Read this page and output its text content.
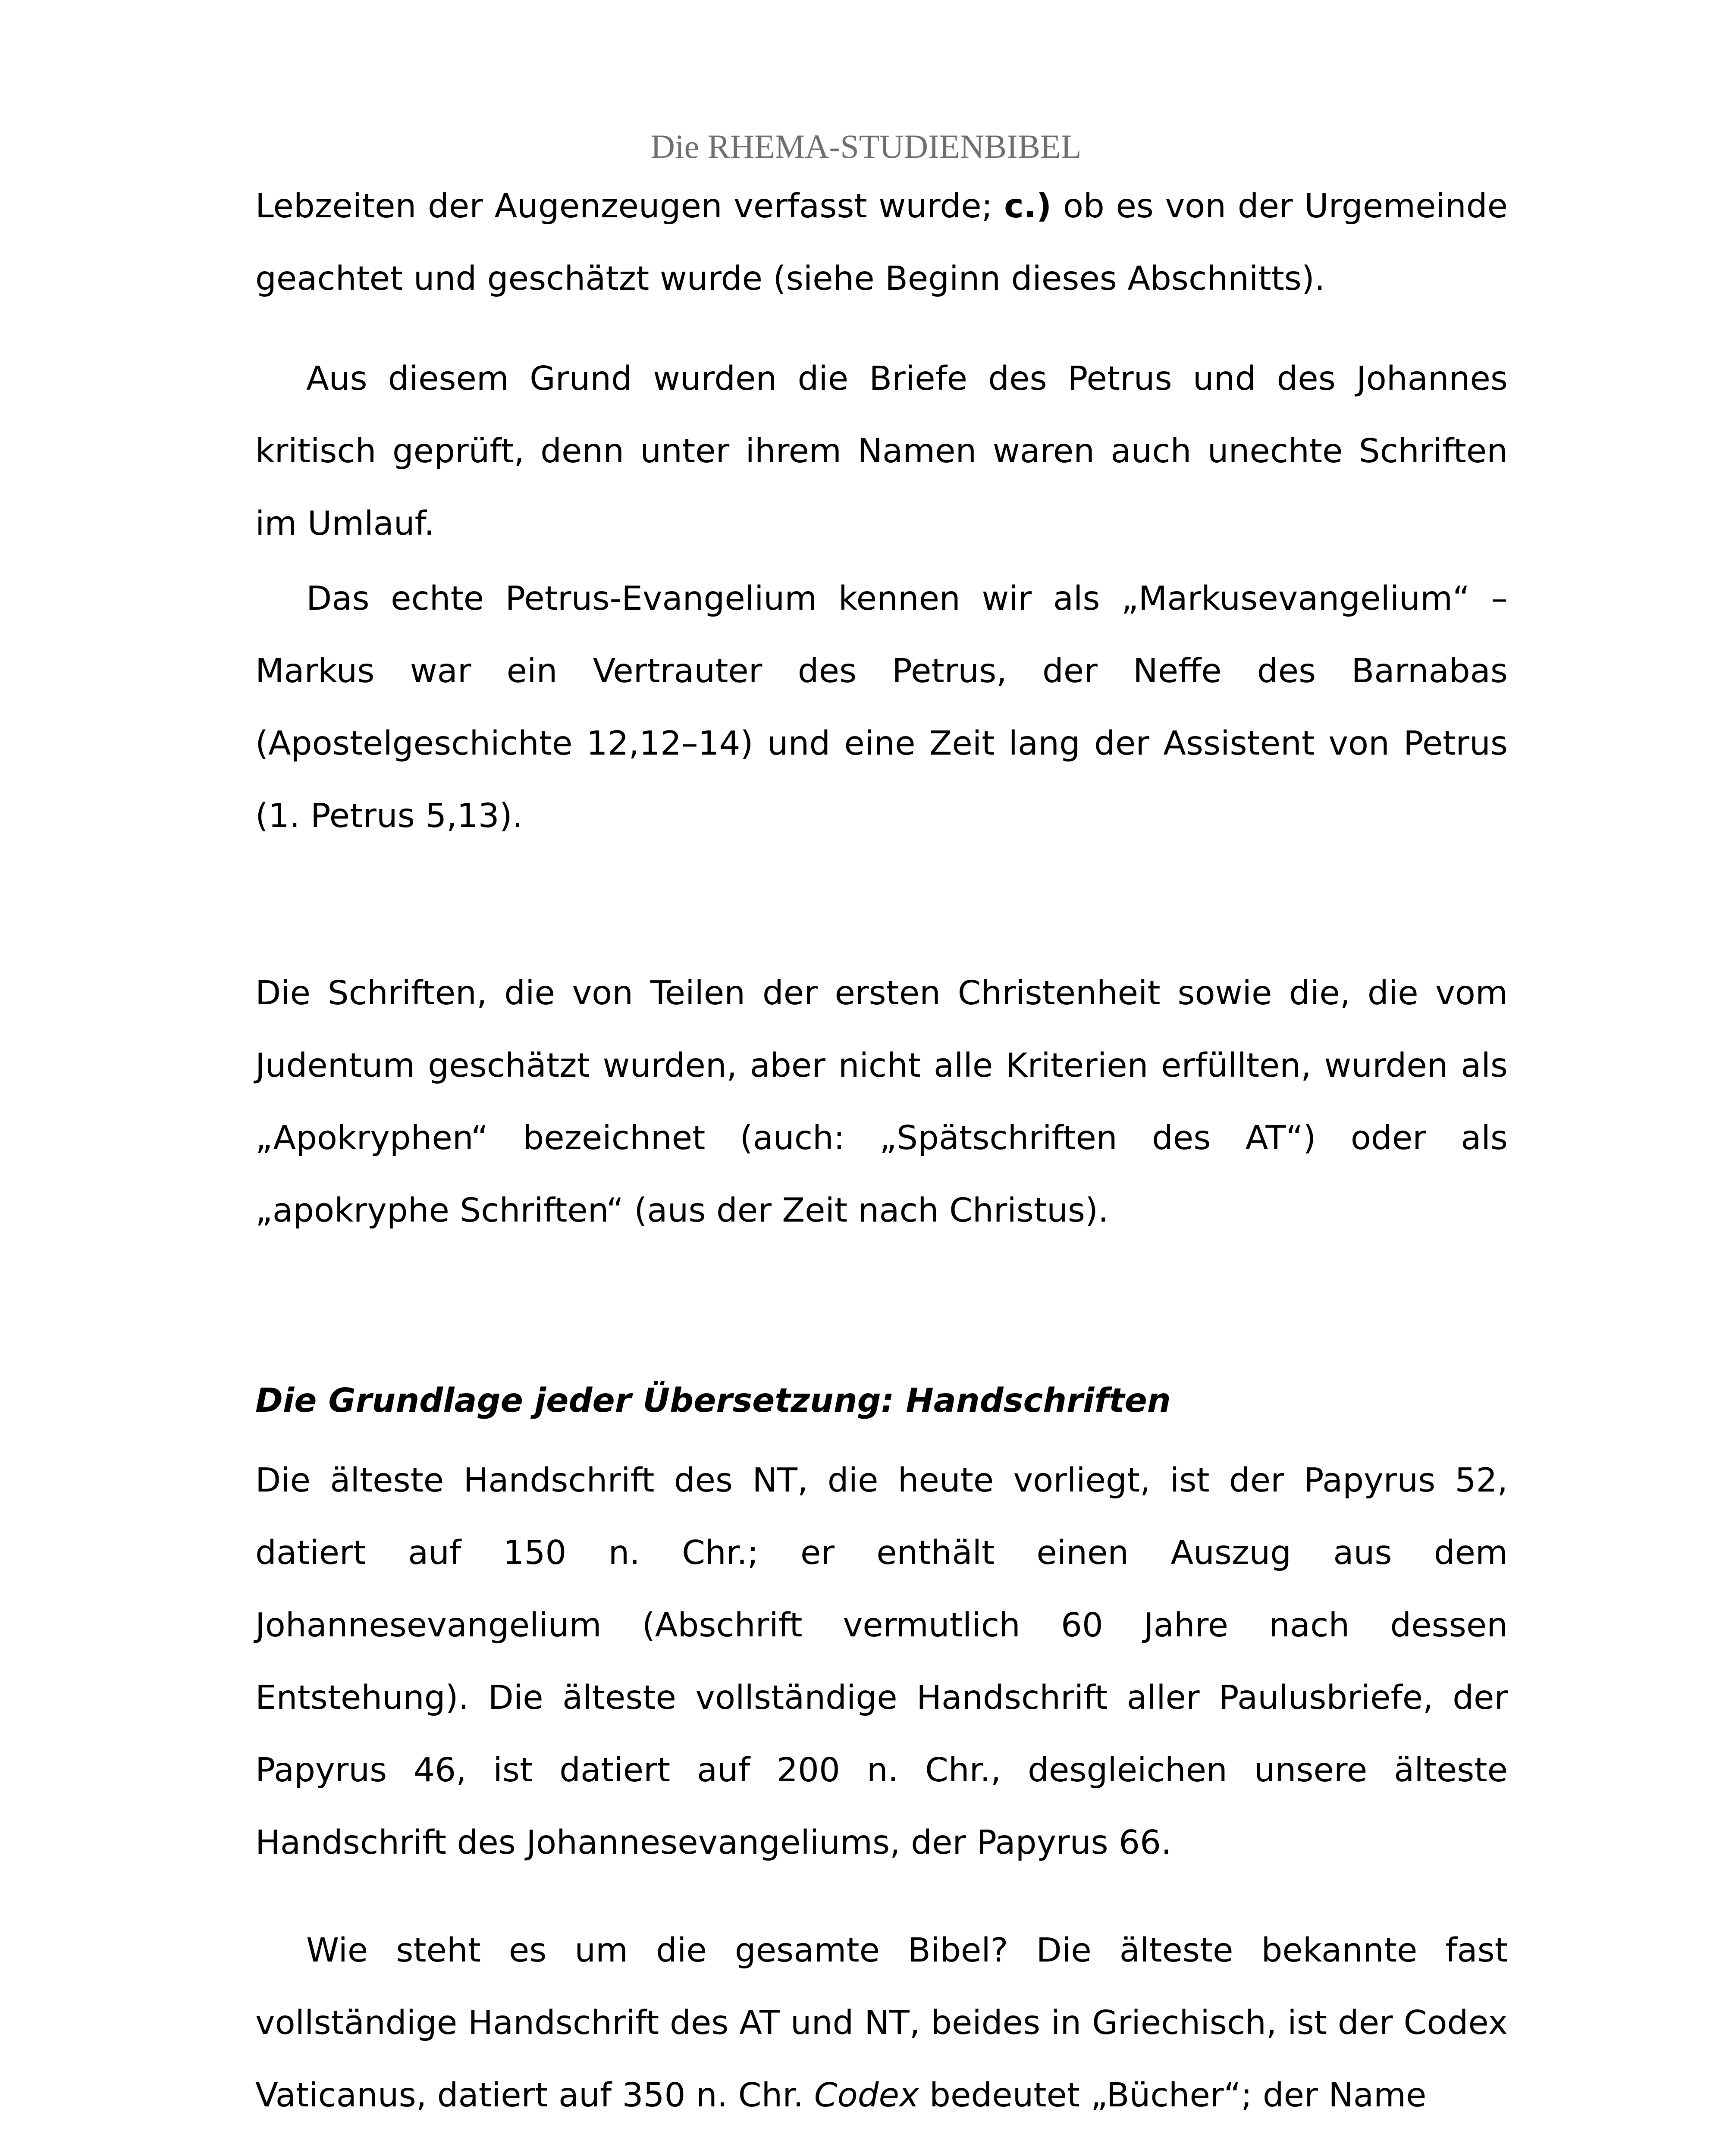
Die RHEMA-STUDIENBIBEL

Lebzeiten der Augenzeugen verfasst wurde; c.) ob es von der Urgemeinde geachtet und geschätzt wurde (siehe Beginn dieses Abschnitts).

Aus diesem Grund wurden die Briefe des Petrus und des Johannes kritisch geprüft, denn unter ihrem Namen waren auch unechte Schriften im Umlauf.

Das echte Petrus-Evangelium kennen wir als „Markusevangelium“ – Markus war ein Vertrauter des Petrus, der Neffe des Barnabas (Apostelgeschichte 12,12–14) und eine Zeit lang der Assistent von Petrus (1. Petrus 5,13).

Die Schriften, die von Teilen der ersten Christenheit sowie die, die vom Judentum geschätzt wurden, aber nicht alle Kriterien erfüllten, wurden als „Apokryphen“ bezeichnet (auch: „Spätschriften des AT“) oder als „apokryphe Schriften“ (aus der Zeit nach Christus).

Die Grundlage jeder Übersetzung: Handschriften

Die älteste Handschrift des NT, die heute vorliegt, ist der Papyrus 52, datiert auf 150 n. Chr.; er enthält einen Auszug aus dem Johannesevangelium (Abschrift vermutlich 60 Jahre nach dessen Entstehung). Die älteste vollständige Handschrift aller Paulusbriefe, der Papyrus 46, ist datiert auf 200 n. Chr., desgleichen unsere älteste Handschrift des Johannesevangeliums, der Papyrus 66.

Wie steht es um die gesamte Bibel? Die älteste bekannte fast vollständige Handschrift des AT und NT, beides in Griechisch, ist der Codex Vaticanus, datiert auf 350 n. Chr. Codex bedeutet „Bücher“; der Name
